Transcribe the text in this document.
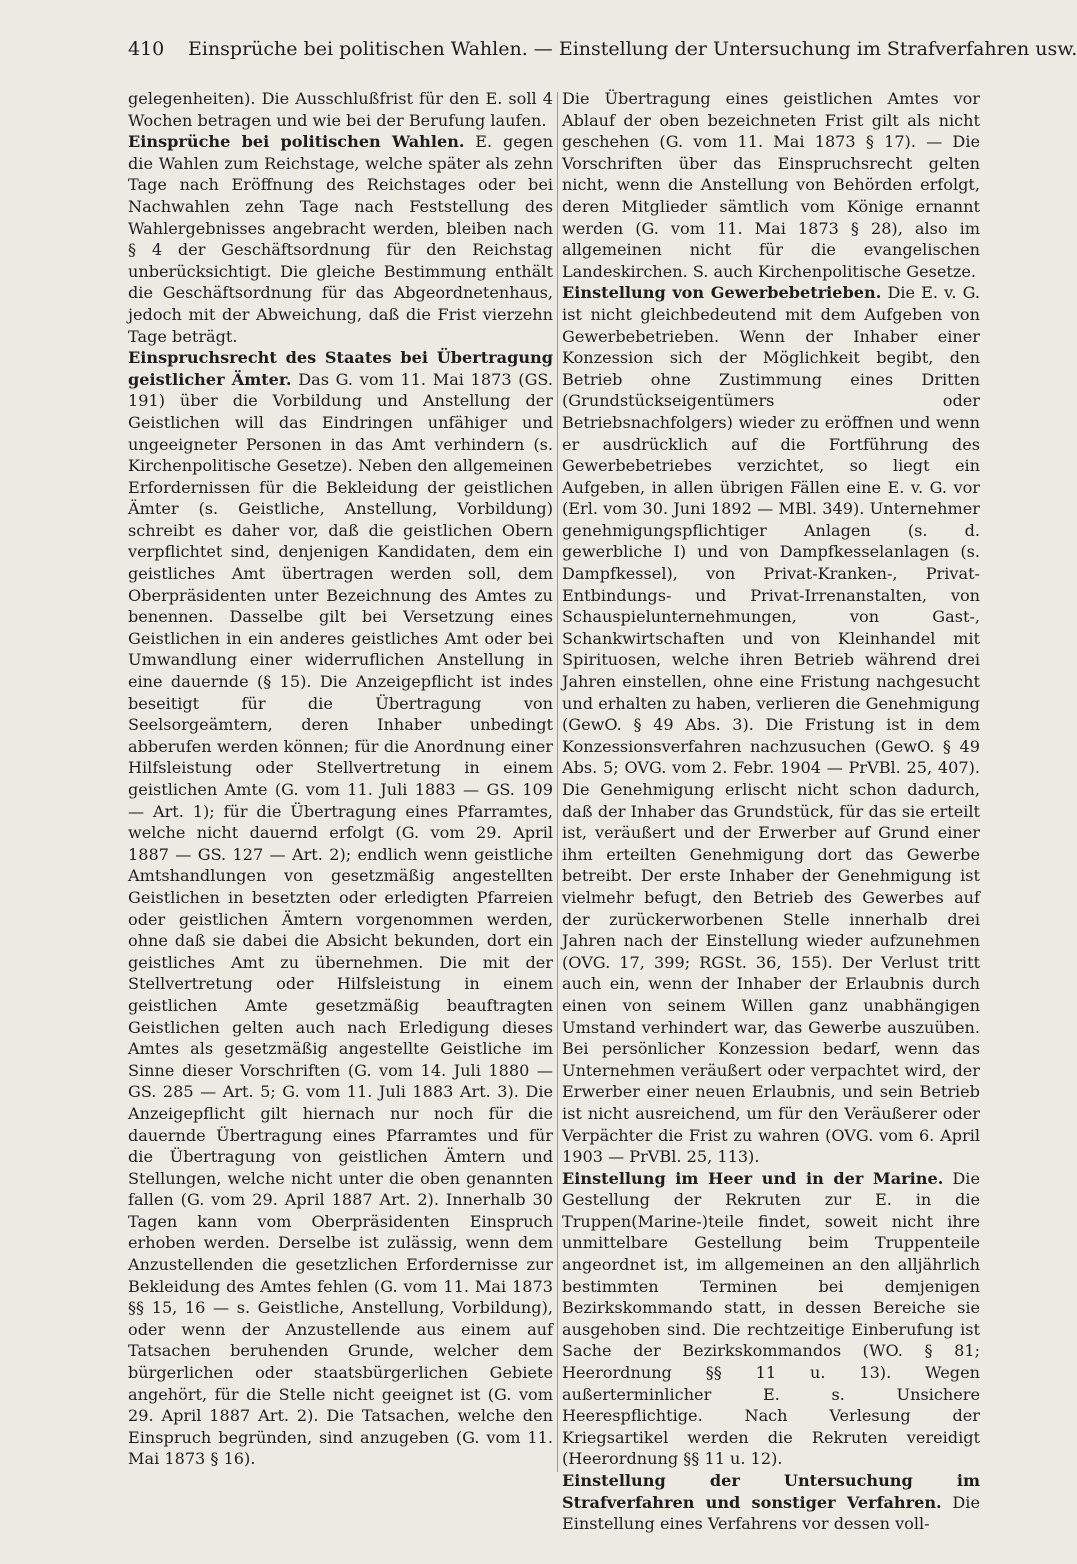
410 Einsprüche bei politischen Wahlen. — Einstellung der Untersuchung im Strafverfahren usw.

gelegenheiten). Die Ausschlußfrist für den E. soll 4 Wochen betragen und wie bei der Berufung laufen.

Einsprüche bei politischen Wahlen. E. gegen die Wahlen zum Reichstage, welche später als zehn Tage nach Eröffnung des Reichstages oder bei Nachwahlen zehn Tage nach Feststellung des Wahlergebnisses angebracht werden, bleiben nach § 4 der Geschäftsordnung für den Reichstag unberücksichtigt. Die gleiche Bestimmung enthält die Geschäftsordnung für das Abgeordnetenhaus, jedoch mit der Abweichung, daß die Frist vierzehn Tage beträgt.

Einspruchsrecht des Staates bei Übertragung geistlicher Ämter. Das G. vom 11. Mai 1873 (GS. 191) über die Vorbildung und Anstellung der Geistlichen will das Eindringen unfähiger und ungeeigneter Personen in das Amt verhindern (s. Kirchenpolitische Gesetze). Neben den allgemeinen Erfordernissen für die Bekleidung der geistlichen Ämter (s. Geistliche, Anstellung, Vorbildung) schreibt es daher vor, daß die geistlichen Obern verpflichtet sind, denjenigen Kandidaten, dem ein geistliches Amt übertragen werden soll, dem Oberpräsidenten unter Bezeichnung des Amtes zu benennen. Dasselbe gilt bei Versetzung eines Geistlichen in ein anderes geistliches Amt oder bei Umwandlung einer widerruflichen Anstellung in eine dauernde (§ 15). Die Anzeigepflicht ist indes beseitigt für die Übertragung von Seelsorgeämtern, deren Inhaber unbedingt abberufen werden können; für die Anordnung einer Hilfsleistung oder Stellvertretung in einem geistlichen Amte (G. vom 11. Juli 1883 — GS. 109 — Art. 1); für die Übertragung eines Pfarramtes, welche nicht dauernd erfolgt (G. vom 29. April 1887 — GS. 127 — Art. 2); endlich wenn geistliche Amtshandlungen von gesetzmäßig angestellten Geistlichen in besetzten oder erledigten Pfarreien oder geistlichen Ämtern vorgenommen werden, ohne daß sie dabei die Absicht bekunden, dort ein geistliches Amt zu übernehmen. Die mit der Stellvertretung oder Hilfsleistung in einem geistlichen Amte gesetzmäßig beauftragten Geistlichen gelten auch nach Erledigung dieses Amtes als gesetzmäßig angestellte Geistliche im Sinne dieser Vorschriften (G. vom 14. Juli 1880 — GS. 285 — Art. 5; G. vom 11. Juli 1883 Art. 3). Die Anzeigepflicht gilt hiernach nur noch für die dauernde Übertragung eines Pfarramtes und für die Übertragung von geistlichen Ämtern und Stellungen, welche nicht unter die oben genannten fallen (G. vom 29. April 1887 Art. 2). Innerhalb 30 Tagen kann vom Oberpräsidenten Einspruch erhoben werden. Derselbe ist zulässig, wenn dem Anzustellenden die gesetzlichen Erfordernisse zur Bekleidung des Amtes fehlen (G. vom 11. Mai 1873 §§ 15, 16 — s. Geistliche, Anstellung, Vorbildung), oder wenn der Anzustellende aus einem auf Tatsachen beruhenden Grunde, welcher dem bürgerlichen oder staatsbürgerlichen Gebiete angehört, für die Stelle nicht geeignet ist (G. vom 29. April 1887 Art. 2). Die Tatsachen, welche den Einspruch begründen, sind anzugeben (G. vom 11. Mai 1873 § 16).

Die Übertragung eines geistlichen Amtes vor Ablauf der oben bezeichneten Frist gilt als nicht geschehen (G. vom 11. Mai 1873 § 17). — Die Vorschriften über das Einspruchsrecht gelten nicht, wenn die Anstellung von Behörden erfolgt, deren Mitglieder sämtlich vom Könige ernannt werden (G. vom 11. Mai 1873 § 28), also im allgemeinen nicht für die evangelischen Landeskirchen. S. auch Kirchenpolitische Gesetze.

Einstellung von Gewerbebetrieben. Die E. v. G. ist nicht gleichbedeutend mit dem Aufgeben von Gewerbebetrieben. Wenn der Inhaber einer Konzession sich der Möglichkeit begibt, den Betrieb ohne Zustimmung eines Dritten (Grundstückseigentümers oder Betriebsnachfolgers) wieder zu eröffnen und wenn er ausdrücklich auf die Fortführung des Gewerbebetriebes verzichtet, so liegt ein Aufgeben, in allen übrigen Fällen eine E. v. G. vor (Erl. vom 30. Juni 1892 — MBl. 349). Unternehmer genehmigungspflichtiger Anlagen (s. d. gewerbliche I) und von Dampfkesselanlagen (s. Dampfkessel), von Privat-Kranken-, Privat-Entbindungs- und Privat-Irrenanstalten, von Schauspielunternehmungen, von Gast-, Schankwirtschaften und von Kleinhandel mit Spirituosen, welche ihren Betrieb während drei Jahren einstellen, ohne eine Fristung nachgesucht und erhalten zu haben, verlieren die Genehmigung (GewO. § 49 Abs. 3). Die Fristung ist in dem Konzessionsverfahren nachzusuchen (GewO. § 49 Abs. 5; OVG. vom 2. Febr. 1904 — PrVBl. 25, 407). Die Genehmigung erlischt nicht schon dadurch, daß der Inhaber das Grundstück, für das sie erteilt ist, veräußert und der Erwerber auf Grund einer ihm erteilten Genehmigung dort das Gewerbe betreibt. Der erste Inhaber der Genehmigung ist vielmehr befugt, den Betrieb des Gewerbes auf der zurückerworbenen Stelle innerhalb drei Jahren nach der Einstellung wieder aufzunehmen (OVG. 17, 399; RGSt. 36, 155). Der Verlust tritt auch ein, wenn der Inhaber der Erlaubnis durch einen von seinem Willen ganz unabhängigen Umstand verhindert war, das Gewerbe auszuüben. Bei persönlicher Konzession bedarf, wenn das Unternehmen veräußert oder verpachtet wird, der Erwerber einer neuen Erlaubnis, und sein Betrieb ist nicht ausreichend, um für den Veräußerer oder Verpächter die Frist zu wahren (OVG. vom 6. April 1903 — PrVBl. 25, 113).

Einstellung im Heer und in der Marine. Die Gestellung der Rekruten zur E. in die Truppen(Marine-)teile findet, soweit nicht ihre unmittelbare Gestellung beim Truppenteile angeordnet ist, im allgemeinen an den alljährlich bestimmten Terminen bei demjenigen Bezirkskommando statt, in dessen Bereiche sie ausgehoben sind. Die rechtzeitige Einberufung ist Sache der Bezirkskommandos (WO. § 81; Heerordnung §§ 11 u. 13). Wegen außerterminlicher E. s. Unsichere Heerespflichtige. Nach Verlesung der Kriegsartikel werden die Rekruten vereidigt (Heerordnung §§ 11 u. 12).

Einstellung der Untersuchung im Strafverfahren und sonstiger Verfahren. Die Einstellung eines Verfahrens vor dessen voll-
